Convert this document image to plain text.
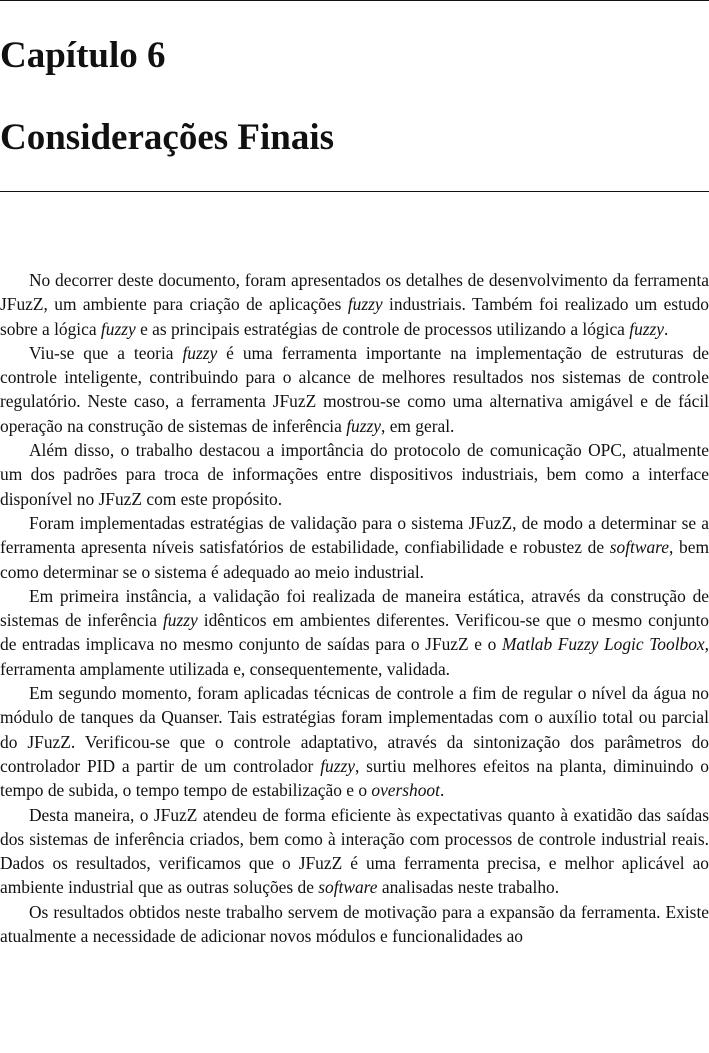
Capítulo 6
Considerações Finais

No decorrer deste documento, foram apresentados os detalhes de desenvolvimento da ferramenta JFuzZ, um ambiente para criação de aplicações fuzzy industriais. Também foi realizado um estudo sobre a lógica fuzzy e as principais estratégias de controle de processos utilizando a lógica fuzzy.

Viu-se que a teoria fuzzy é uma ferramenta importante na implementação de estruturas de controle inteligente, contribuindo para o alcance de melhores resultados nos sistemas de controle regulatório. Neste caso, a ferramenta JFuzZ mostrou-se como uma alternativa amigável e de fácil operação na construção de sistemas de inferência fuzzy, em geral.

Além disso, o trabalho destacou a importância do protocolo de comunicação OPC, atualmente um dos padrões para troca de informações entre dispositivos industriais, bem como a interface disponível no JFuzZ com este propósito.

Foram implementadas estratégias de validação para o sistema JFuzZ, de modo a determinar se a ferramenta apresenta níveis satisfatórios de estabilidade, confiabilidade e robustez de software, bem como determinar se o sistema é adequado ao meio industrial.

Em primeira instância, a validação foi realizada de maneira estática, através da construção de sistemas de inferência fuzzy idênticos em ambientes diferentes. Verificou-se que o mesmo conjunto de entradas implicava no mesmo conjunto de saídas para o JFuzZ e o Matlab Fuzzy Logic Toolbox, ferramenta amplamente utilizada e, consequentemente, validada.

Em segundo momento, foram aplicadas técnicas de controle a fim de regular o nível da água no módulo de tanques da Quanser. Tais estratégias foram implementadas com o auxílio total ou parcial do JFuzZ. Verificou-se que o controle adaptativo, através da sintonização dos parâmetros do controlador PID a partir de um controlador fuzzy, surtiu melhores efeitos na planta, diminuindo o tempo de subida, o tempo tempo de estabilização e o overshoot.

Desta maneira, o JFuzZ atendeu de forma eficiente às expectativas quanto à exatidão das saídas dos sistemas de inferência criados, bem como à interação com processos de controle industrial reais. Dados os resultados, verificamos que o JFuzZ é uma ferramenta precisa, e melhor aplicável ao ambiente industrial que as outras soluções de software analisadas neste trabalho.

Os resultados obtidos neste trabalho servem de motivação para a expansão da ferramenta. Existe atualmente a necessidade de adicionar novos módulos e funcionalidades ao
